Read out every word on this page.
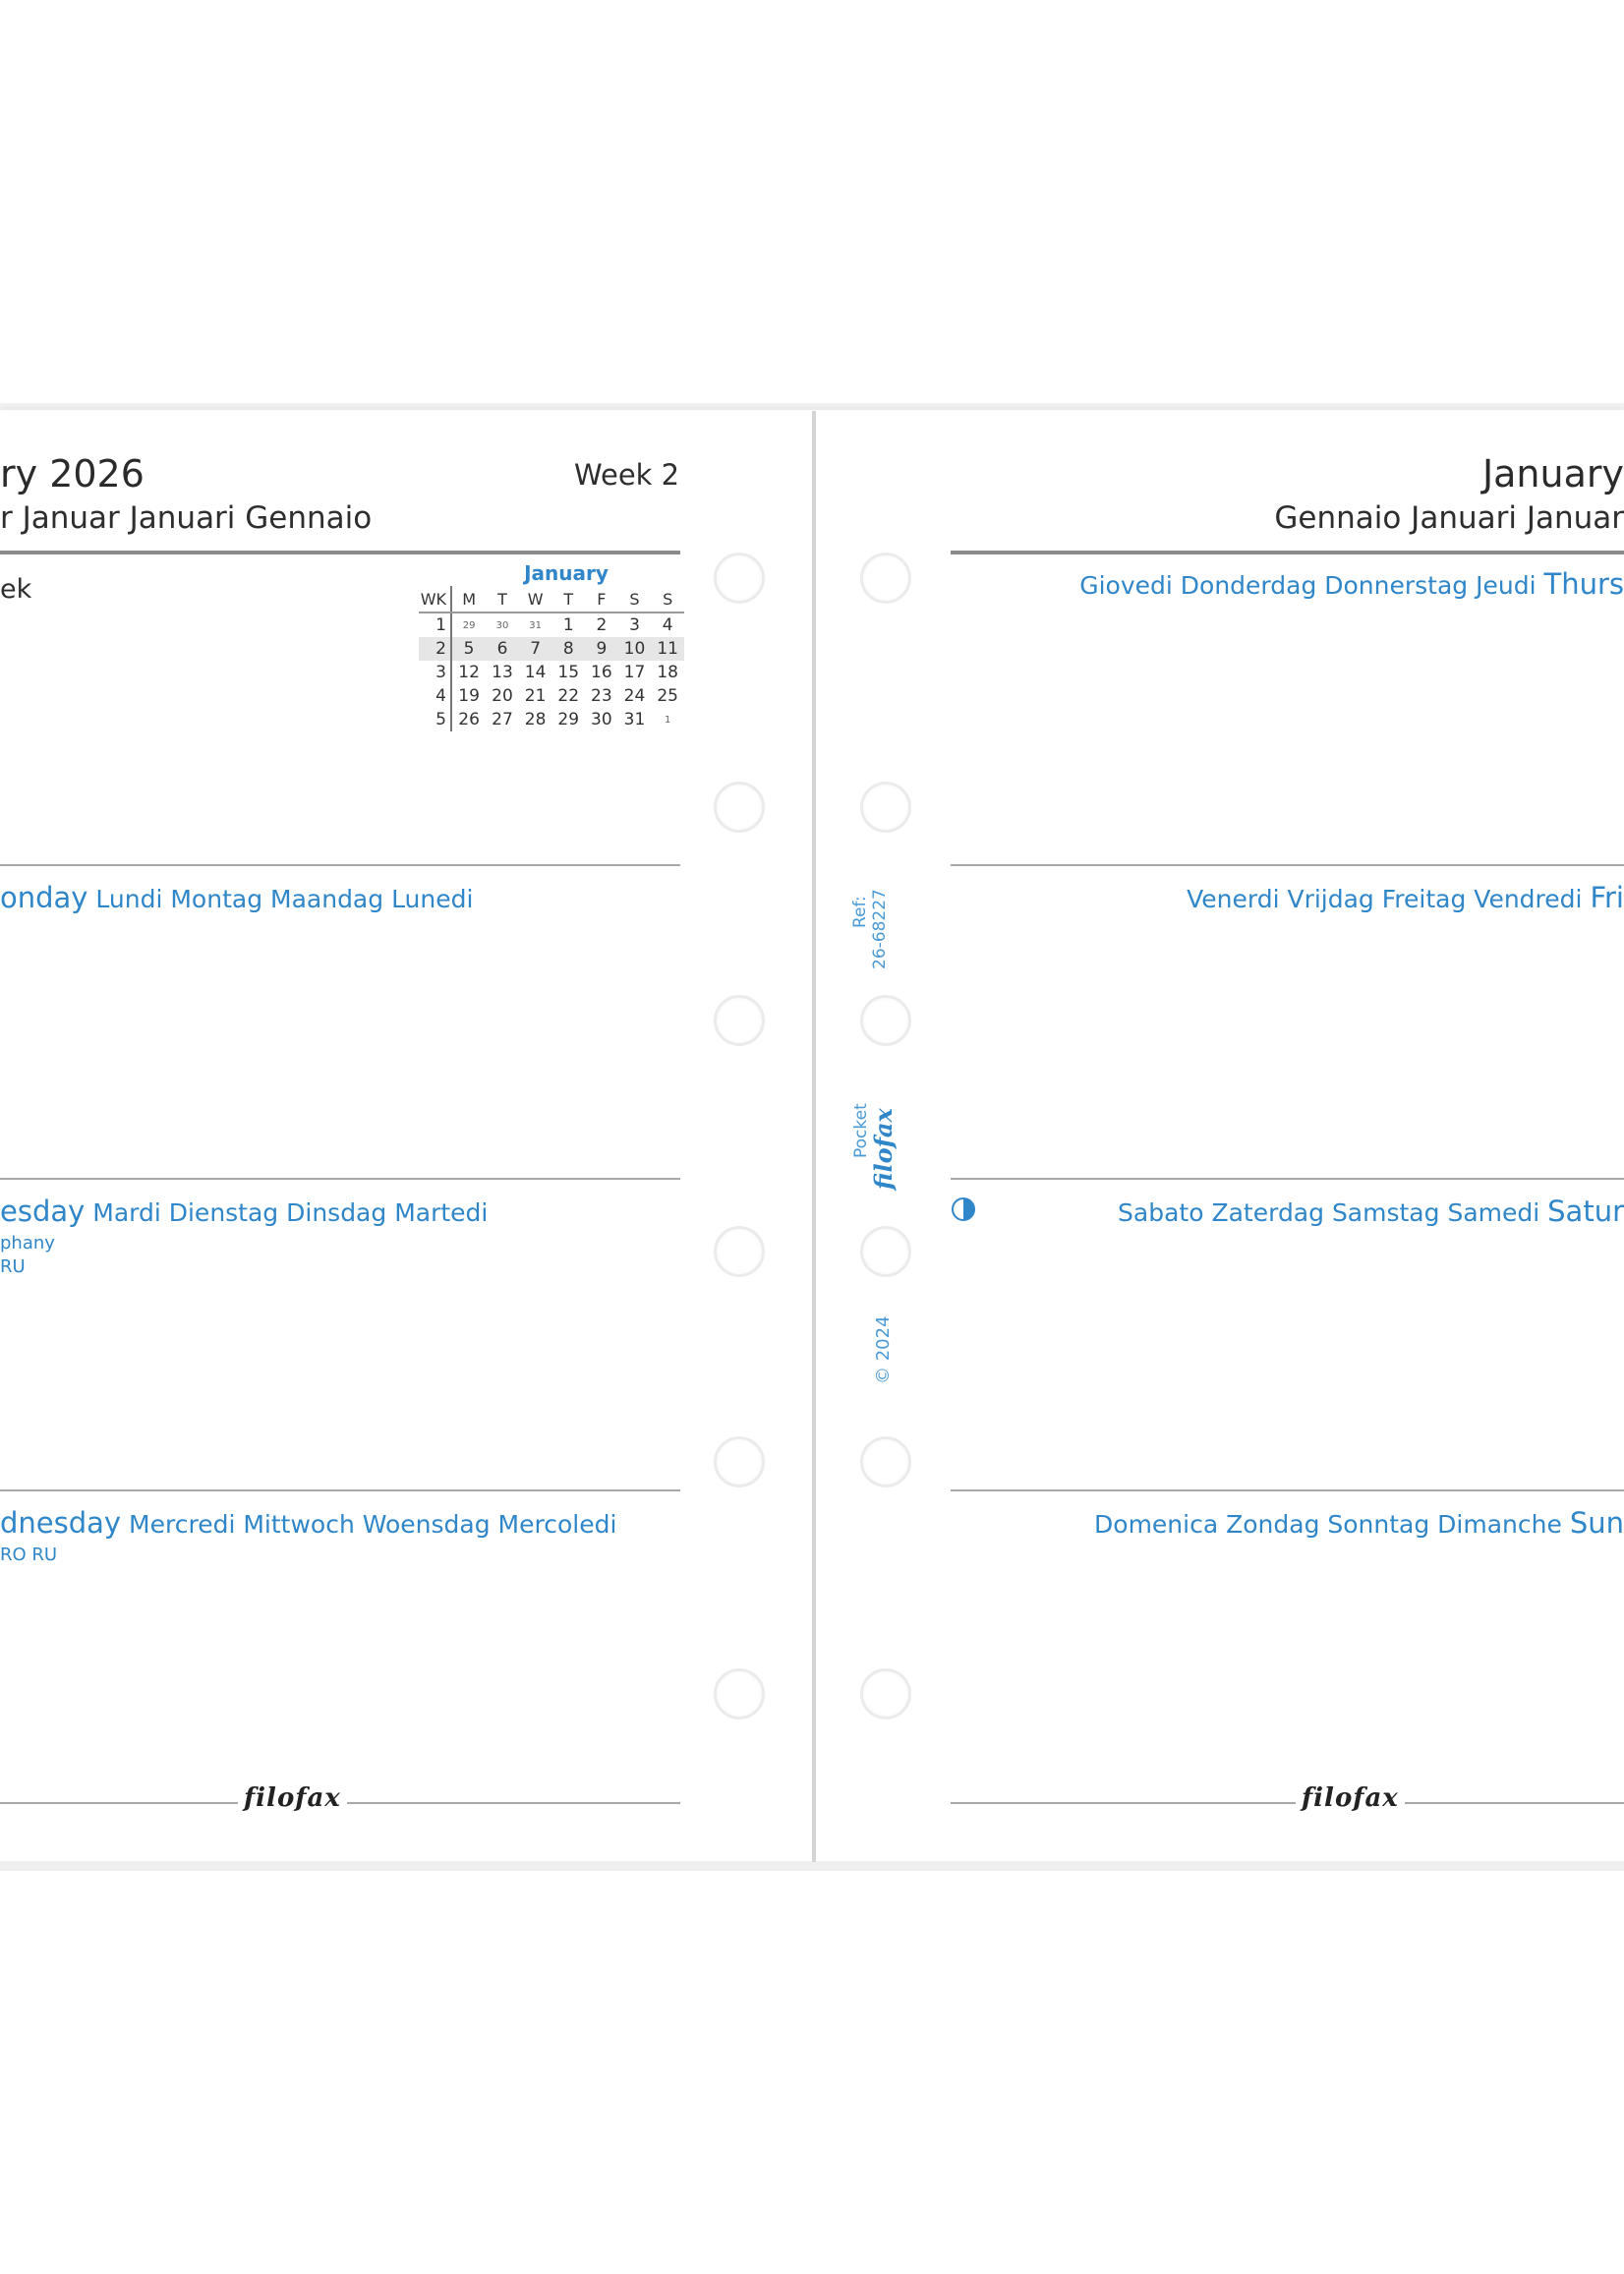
ry 2026
r Januar Januari Gennaio
Week 2
ek
January
WK	M	T	W	T	F	S	S
1	29	30	31	1	2	3	4
2	5	6	7	8	9	10	11
3	12	13	14	15	16	17	18
4	19	20	21	22	23	24	25
5	26	27	28	29	30	31	1
onday Lundi Montag Maandag Lunedi
esday Mardi Dienstag Dinsdag Martedi
phany
RU
dnesday Mercredi Mittwoch Woensdag Mercoledi
RO RU
filofax
Ref: 26-68227
Pocket
filofax
© 2024
January
Gennaio Januari Januar
Giovedi Donderdag Donnerstag Jeudi Thurs
Venerdi Vrijdag Freitag Vendredi Fri
Sabato Zaterdag Samstag Samedi Satur
Domenica Zondag Sonntag Dimanche Sun
filofax
